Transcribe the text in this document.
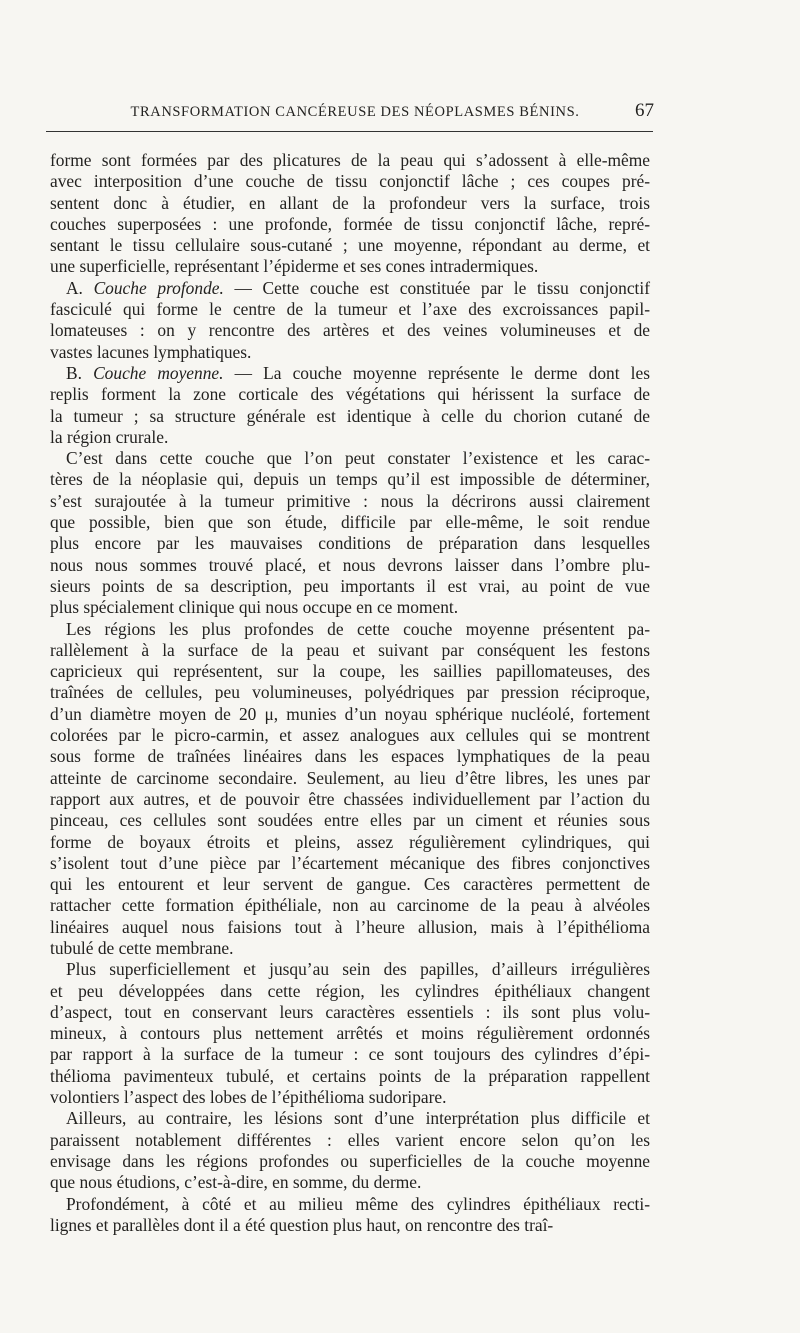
TRANSFORMATION CANCÉREUSE DES NÉOPLASMES BÉNINS.	67

forme sont formées par des plicatures de la peau qui s’adossent à elle-même

avec interposition d’une couche de tissu conjonctif lâche ; ces coupes pré-

sentent donc à étudier, en allant de la profondeur vers la surface, trois

couches superposées : une profonde, formée de tissu conjonctif lâche, repré-

sentant le tissu cellulaire sous-cutané ; une moyenne, répondant au derme, et

une superficielle, représentant l’épiderme et ses cones intradermiques.

A. Couche profonde. — Cette couche est constituée par le tissu conjonctif

fasciculé qui forme le centre de la tumeur et l’axe des excroissances papil-

lomateuses : on y rencontre des artères et des veines volumineuses et de

vastes lacunes lymphatiques.

B. Couche moyenne. — La couche moyenne représente le derme dont les

replis forment la zone corticale des végétations qui hérissent la surface de

la tumeur ; sa structure générale est identique à celle du chorion cutané de

la région crurale.

C’est dans cette couche que l’on peut constater l’existence et les carac-

tères de la néoplasie qui, depuis un temps qu’il est impossible de déterminer,

s’est surajoutée à la tumeur primitive : nous la décrirons aussi clairement

que possible, bien que son étude, difficile par elle-même, le soit rendue

plus encore par les mauvaises conditions de préparation dans lesquelles

nous nous sommes trouvé placé, et nous devrons laisser dans l’ombre plu-

sieurs points de sa description, peu importants il est vrai, au point de vue

plus spécialement clinique qui nous occupe en ce moment.

Les régions les plus profondes de cette couche moyenne présentent pa-

rallèlement à la surface de la peau et suivant par conséquent les festons

capricieux qui représentent, sur la coupe, les saillies papillomateuses, des

traînées de cellules, peu volumineuses, polyédriques par pression réciproque,

d’un diamètre moyen de 20 μ, munies d’un noyau sphérique nucléolé, fortement

colorées par le picro-carmin, et assez analogues aux cellules qui se montrent

sous forme de traînées linéaires dans les espaces lymphatiques de la peau

atteinte de carcinome secondaire. Seulement, au lieu d’être libres, les unes par

rapport aux autres, et de pouvoir être chassées individuellement par l’action du

pinceau, ces cellules sont soudées entre elles par un ciment et réunies sous

forme de boyaux étroits et pleins, assez régulièrement cylindriques, qui

s’isolent tout d’une pièce par l’écartement mécanique des fibres conjonctives

qui les entourent et leur servent de gangue. Ces caractères permettent de

rattacher cette formation épithéliale, non au carcinome de la peau à alvéoles

linéaires auquel nous faisions tout à l’heure allusion, mais à l’épithélioma

tubulé de cette membrane.

Plus superficiellement et jusqu’au sein des papilles, d’ailleurs irrégulières

et peu développées dans cette région, les cylindres épithéliaux changent

d’aspect, tout en conservant leurs caractères essentiels : ils sont plus volu-

mineux, à contours plus nettement arrêtés et moins régulièrement ordonnés

par rapport à la surface de la tumeur : ce sont toujours des cylindres d’épi-

thélioma pavimenteux tubulé, et certains points de la préparation rappellent

volontiers l’aspect des lobes de l’épithélioma sudoripare.

Ailleurs, au contraire, les lésions sont d’une interprétation plus difficile et

paraissent notablement différentes : elles varient encore selon qu’on les

envisage dans les régions profondes ou superficielles de la couche moyenne

que nous étudions, c’est-à-dire, en somme, du derme.

Profondément, à côté et au milieu même des cylindres épithéliaux recti-

lignes et parallèles dont il a été question plus haut, on rencontre des traî-
